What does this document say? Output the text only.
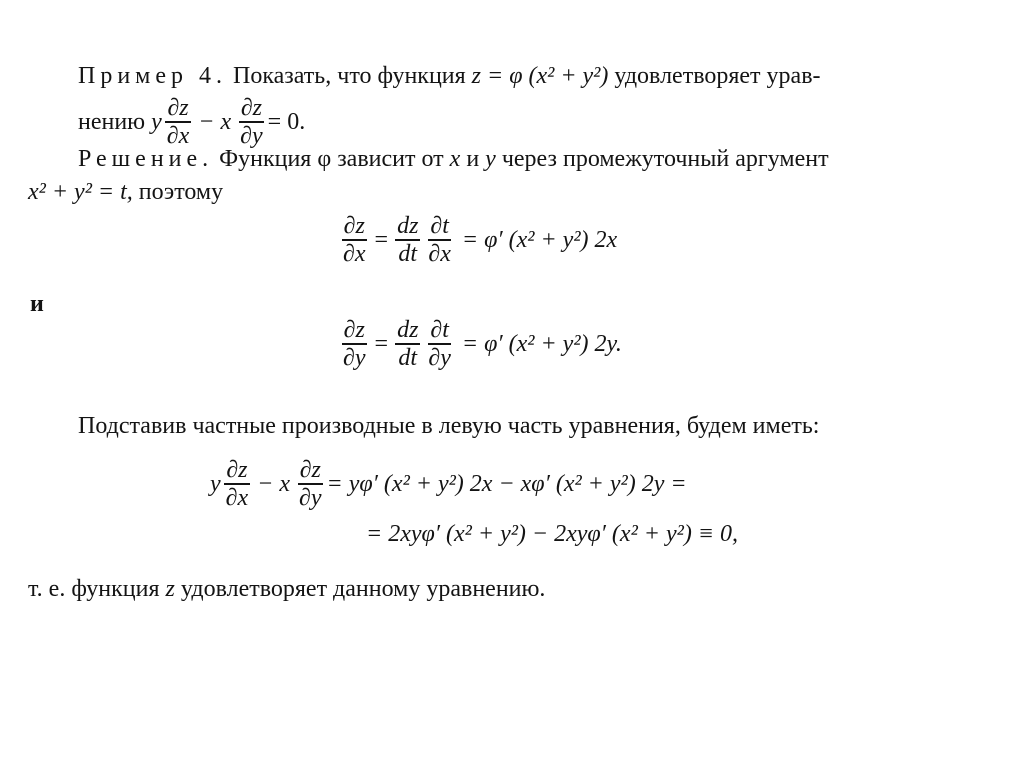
Пример 4. Показать, что функция z = φ (x² + y²) удовлетворяет урав-
нению y $\frac{\partial z}{\partial x} - x \frac{\partial z}{\partial y} = 0$.
Решение. Функция φ зависит от x и y через промежуточный аргумент
x² + y² = t, поэтому
$\frac{\partial z}{\partial x} = \frac{dz}{dt} \frac{\partial t}{\partial x} = \varphi'$ (x² + y²) 2x
и
$\frac{\partial z}{\partial y} = \frac{dz}{dt} \frac{\partial t}{\partial y} = \varphi'$ (x² + y²) 2y.
Подставив частные производные в левую часть уравнения, будем иметь:
y $\frac{\partial z}{\partial x} - x \frac{\partial z}{\partial y} = y\varphi'$ (x² + y²) 2x − xφ′ (x² + y²) 2y =
= 2xyφ′ (x² + y²) − 2xyφ′ (x² + y²) ≡ 0,
т. е. функция z удовлетворяет данному уравнению.
